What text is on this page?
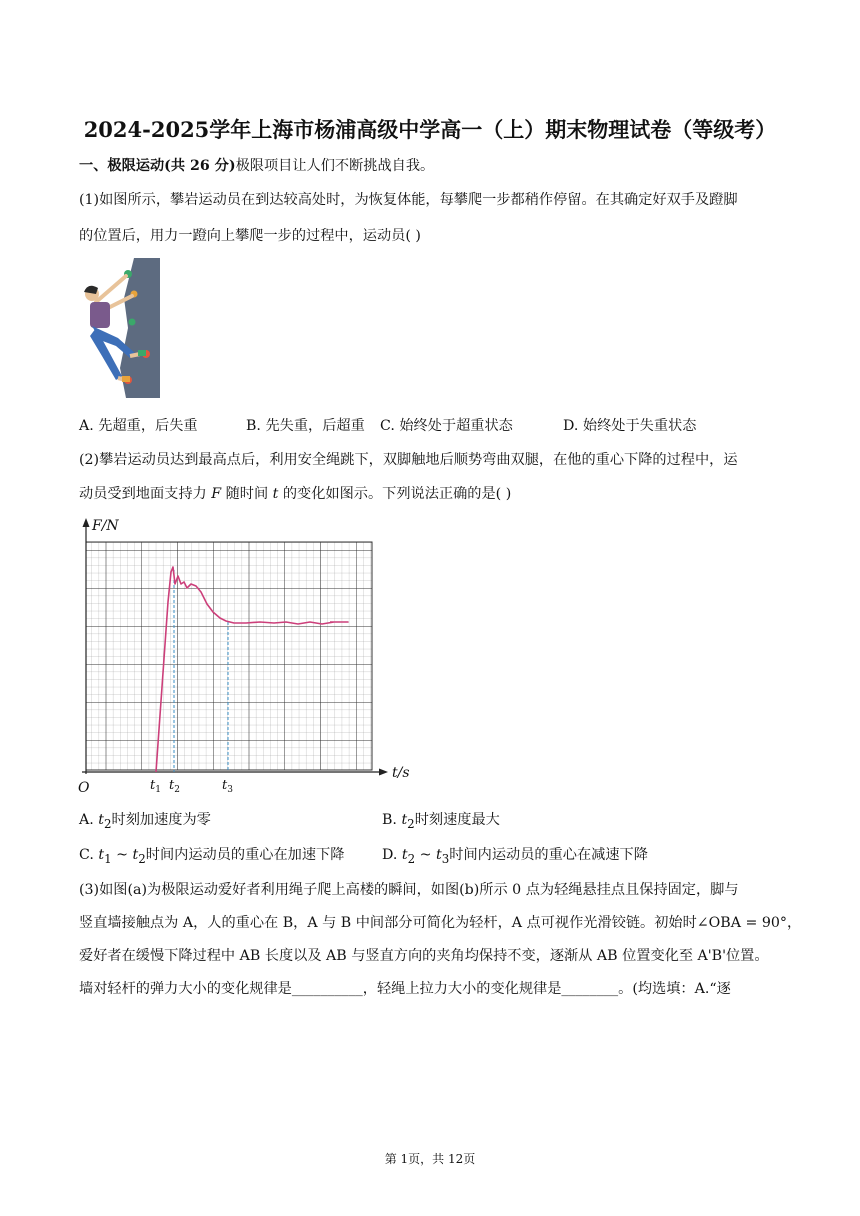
2024-2025学年上海市杨浦高级中学高一（上）期末物理试卷（等级考）
一、极限运动(共 26 分)极限项目让人们不断挑战自我。
(1)如图所示，攀岩运动员在到达较高处时，为恢复体能，每攀爬一步都稍作停留。在其确定好双手及蹬脚
的位置后，用力一蹬向上攀爬一步的过程中，运动员( )
A. 先超重，后失重	B. 先失重，后超重 C. 始终处于超重状态	D. 始终处于失重状态
(2)攀岩运动员达到最高点后，利用安全绳跳下，双脚触地后顺势弯曲双腿，在他的重心下降的过程中，运
动员受到地面支持力 F 随时间 t 的变化如图示。下列说法正确的是( )
F/N
t/s
O	$t_1$ $t_2$	$t_3$
A. $t_2$时刻加速度为零	B. $t_2$时刻速度最大
C. $t_1$ ~ $t_2$时间内运动员的重心在加速下降	D. $t_2$ ~ $t_3$时间内运动员的重心在减速下降
(3)如图(a)为极限运动爱好者利用绳子爬上高楼的瞬间，如图(b)所示 0 点为轻绳悬挂点且保持固定，脚与
竖直墙接触点为 A，人的重心在 B，A 与 B 中间部分可简化为轻杆，A 点可视作光滑铰链。初始时∠OBA = 90°，
爱好者在缓慢下降过程中 AB 长度以及 AB 与竖直方向的夹角均保持不变，逐渐从 AB 位置变化至 A'B'位置。
墙对轻杆的弹力大小的变化规律是__________，轻绳上拉力大小的变化规律是________。(均选填：A.“逐
第 1页，共 12页
